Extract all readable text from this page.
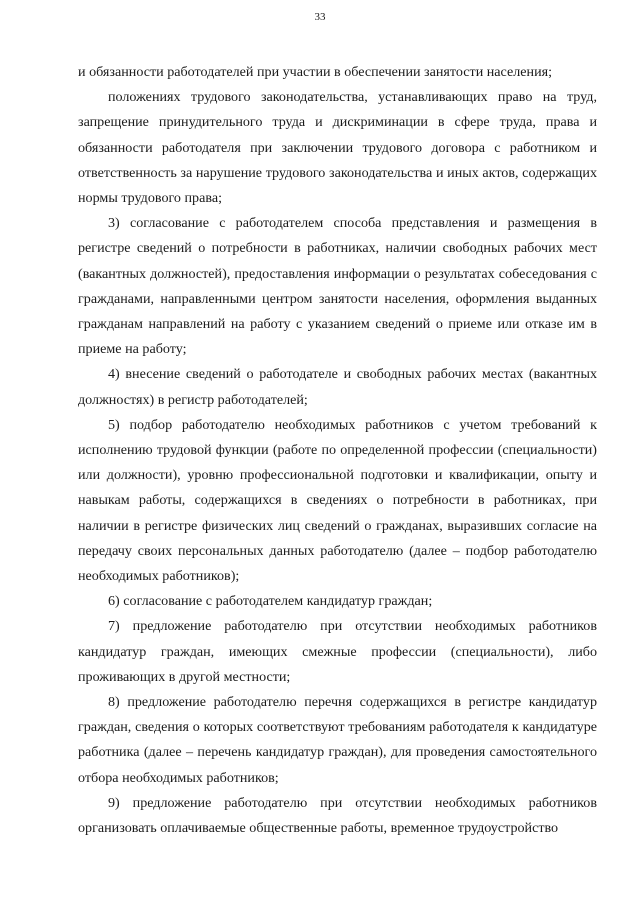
33

и обязанности работодателей при участии в обеспечении занятости населения;

положениях трудового законодательства, устанавливающих право на труд, запрещение принудительного труда и дискриминации в сфере труда, права и обязанности работодателя при заключении трудового договора с работником и ответственность за нарушение трудового законодательства и иных актов, содержащих нормы трудового права;

3) согласование с работодателем способа представления и размещения в регистре сведений о потребности в работниках, наличии свободных рабочих мест (вакантных должностей), предоставления информации о результатах собеседования с гражданами, направленными центром занятости населения, оформления выданных гражданам направлений на работу с указанием сведений о приеме или отказе им в приеме на работу;

4) внесение сведений о работодателе и свободных рабочих местах (вакантных должностях) в регистр работодателей;

5) подбор работодателю необходимых работников с учетом требований к исполнению трудовой функции (работе по определенной профессии (специальности) или должности), уровню профессиональной подготовки и квалификации, опыту и навыкам работы, содержащихся в сведениях о потребности в работниках, при наличии в регистре физических лиц сведений о гражданах, выразивших согласие на передачу своих персональных данных работодателю (далее – подбор работодателю необходимых работников);

6) согласование с работодателем кандидатур граждан;

7) предложение работодателю при отсутствии необходимых работников кандидатур граждан, имеющих смежные профессии (специальности), либо проживающих в другой местности;

8) предложение работодателю перечня содержащихся в регистре кандидатур граждан, сведения о которых соответствуют требованиям работодателя к кандидатуре работника (далее – перечень кандидатур граждан), для проведения самостоятельного отбора необходимых работников;

9) предложение работодателю при отсутствии необходимых работников организовать оплачиваемые общественные работы, временное трудоустройство
